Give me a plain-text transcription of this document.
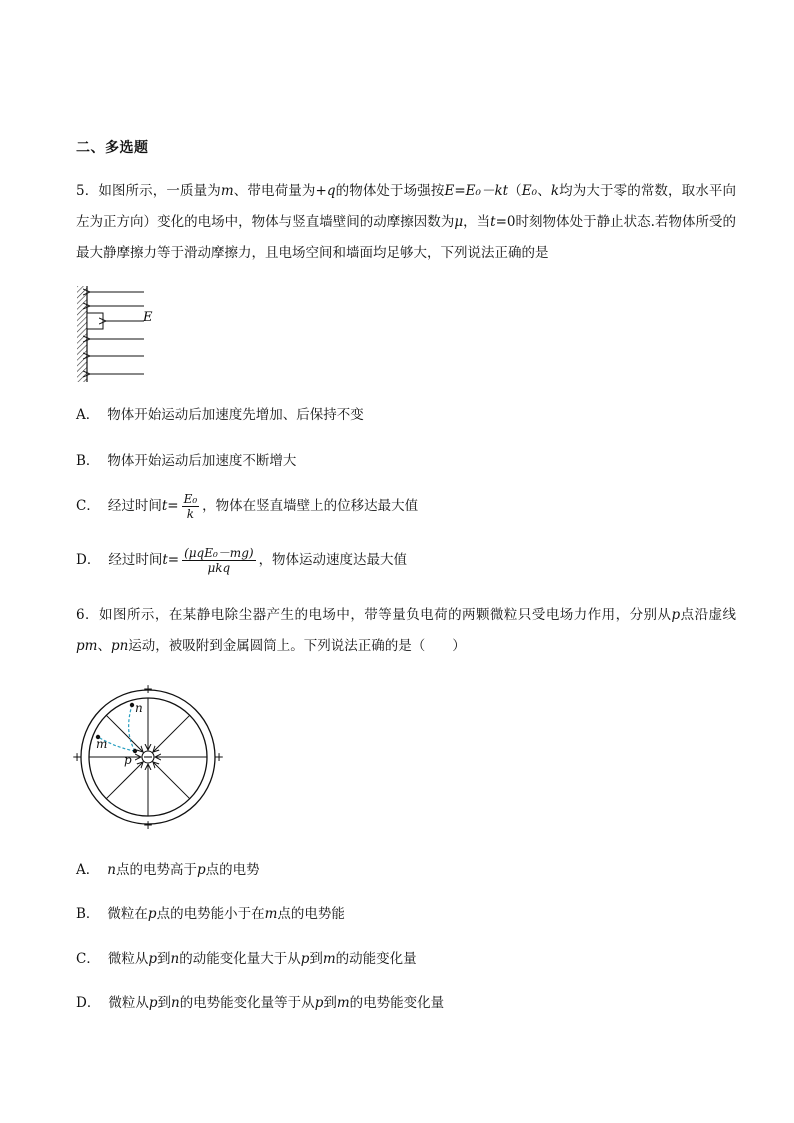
二、多选题
5．如图所示，一质量为m、带电荷量为+q的物体处于场强按E=E₀－kt（E₀、k均为大于零的常数，取水平向左为正方向）变化的电场中，物体与竖直墙壁间的动摩擦因数为μ，当t=0时刻物体处于静止状态.若物体所受的最大静摩擦力等于滑动摩擦力，且电场空间和墙面均足够大，下列说法正确的是
E
A． 物体开始运动后加速度先增加、后保持不变
B． 物体开始运动后加速度不断增大
C． 经过时间$t= \frac{\text{E₀}}{k}$ ，物体在竖直墙壁上的位移达最大值
D． 经过时间$t= \frac{\text{(μqE₀－mg)}}{\text{μkq}}$ ，物体运动速度达最大值
6．如图所示，在某静电除尘器产生的电场中，带等量负电荷的两颗微粒只受电场力作用，分别从p点沿虚线pm、pn运动，被吸附到金属圆筒上。下列说法正确的是（　　）
n
m
p
+
+
+	+
A． n点的电势高于p点的电势
B． 微粒在p点的电势能小于在m点的电势能
C． 微粒从p到n的动能变化量大于从p到m的动能变化量
D． 微粒从p到n的电势能变化量等于从p到m的电势能变化量
